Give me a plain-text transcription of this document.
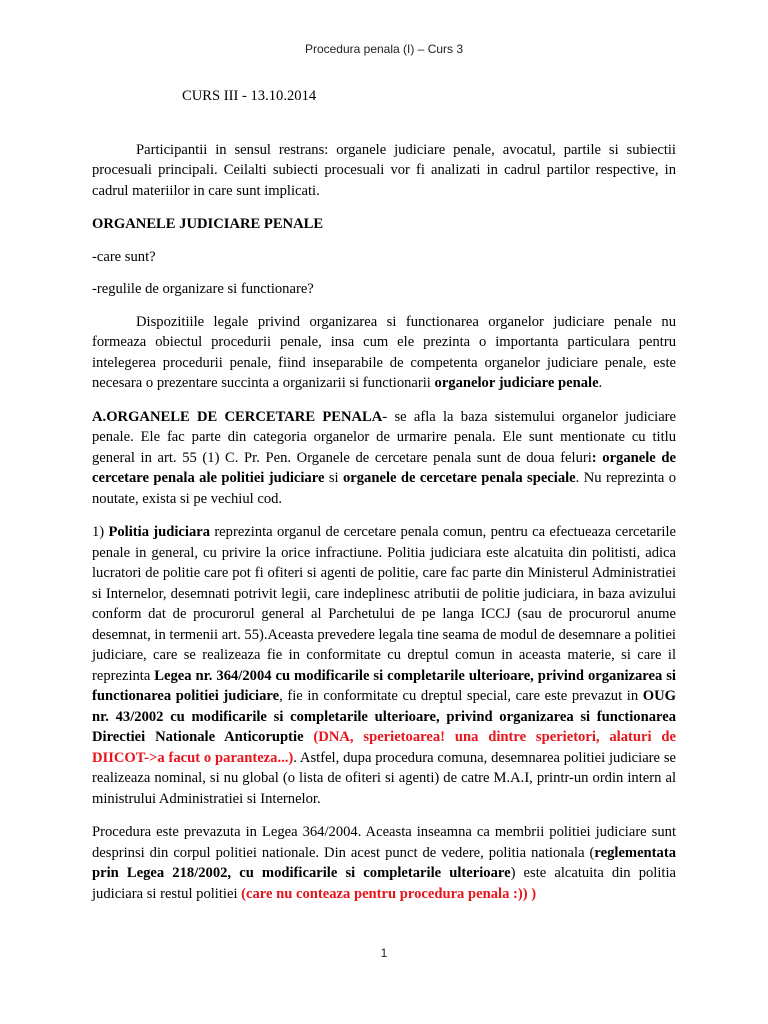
Procedura penala (I) – Curs 3
CURS III - 13.10.2014

Participantii in sensul restrans: organele judiciare penale, avocatul, partile si subiectii procesuali principali. Ceilalti subiecti procesuali vor fi analizati in cadrul partilor respective, in cadrul materiilor in care sunt implicati.

ORGANELE JUDICIARE PENALE
-care sunt?
-regulile de organizare si functionare?

Dispozitiile legale privind organizarea si functionarea organelor judiciare penale nu formeaza obiectul procedurii penale, insa cum ele prezinta o importanta particulara pentru intelegerea procedurii penale, fiind inseparabile de competenta organelor judiciare penale, este necesara o prezentare succinta a organizarii si functionarii organelor judiciare penale.

A.ORGANELE DE CERCETARE PENALA- se afla la baza sistemului organelor judiciare penale. Ele fac parte din categoria organelor de urmarire penala. Ele sunt mentionate cu titlu general in art. 55 (1) C. Pr. Pen. Organele de cercetare penala sunt de doua feluri: organele de cercetare penala ale politiei judiciare si organele de cercetare penala speciale. Nu reprezinta o noutate, exista si pe vechiul cod.

1) Politia judiciara reprezinta organul de cercetare penala comun, pentru ca efectueaza cercetarile penale in general, cu privire la orice infractiune. Politia judiciara este alcatuita din politisti, adica lucratori de politie care pot fi ofiteri si agenti de politie, care fac parte din Ministerul Administratiei si Internelor, desemnati potrivit legii, care indeplinesc atributii de politie judiciara, in baza avizului conform dat de procurorul general al Parchetului de pe langa ICCJ (sau de procurorul anume desemnat, in termenii art. 55).Aceasta prevedere legala tine seama de modul de desemnare a politiei judiciare, care se realizeaza fie in conformitate cu dreptul comun in aceasta materie, si care il reprezinta Legea nr. 364/2004 cu modificarile si completarile ulterioare, privind organizarea si functionarea politiei judiciare, fie in conformitate cu dreptul special, care este prevazut in OUG nr. 43/2002 cu modificarile si completarile ulterioare, privind organizarea si functionarea Directiei Nationale Anticoruptie (DNA, sperietoarea! una dintre sperietori, alaturi de DIICOT->a facut o paranteza...). Astfel, dupa procedura comuna, desemnarea politiei judiciare se realizeaza nominal, si nu global (o lista de ofiteri si agenti) de catre M.A.I, printr-un ordin intern al ministrului Administratiei si Internelor.

Procedura este prevazuta in Legea 364/2004. Aceasta inseamna ca membrii politiei judiciare sunt desprinsi din corpul politiei nationale. Din acest punct de vedere, politia nationala (reglementata prin Legea 218/2002, cu modificarile si completarile ulterioare) este alcatuita din politia judiciara si restul politiei (care nu conteaza pentru procedura penala :)) )

1
